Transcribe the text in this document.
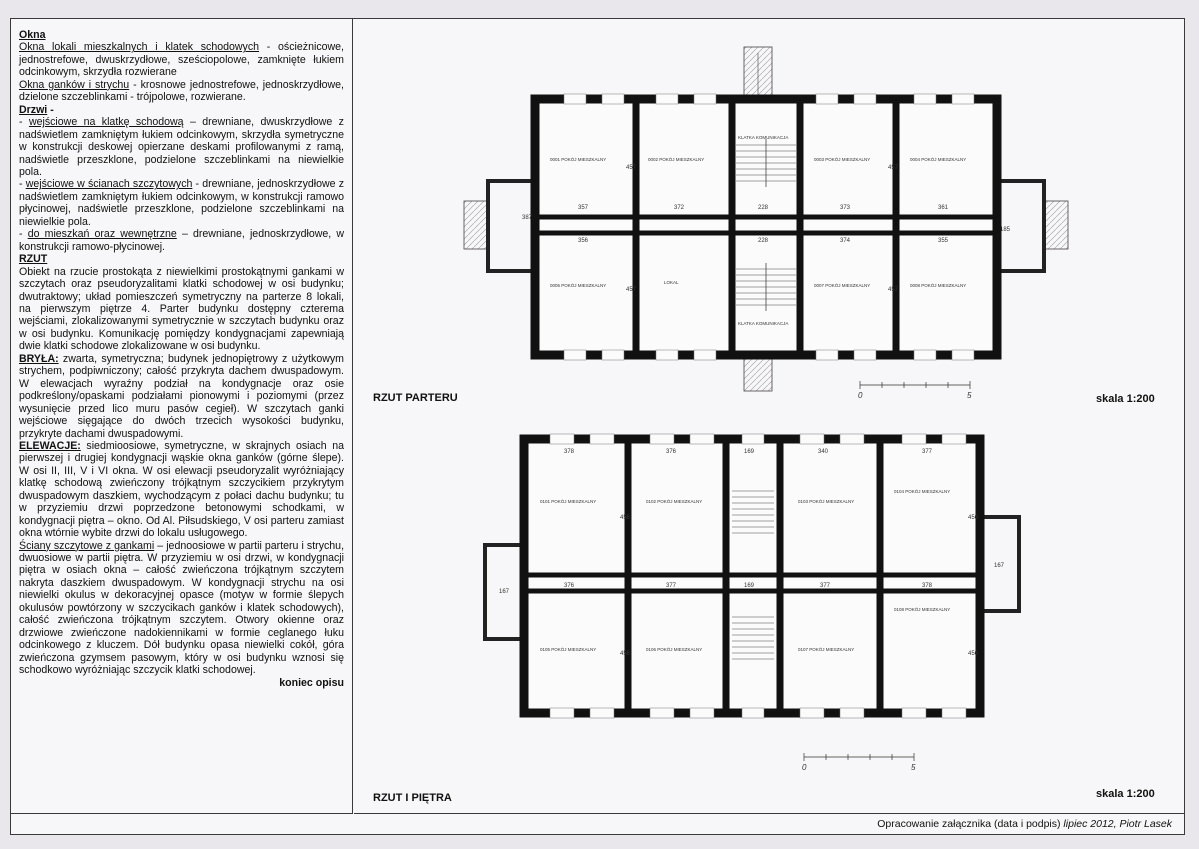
Okna

Okna lokali mieszkalnych i klatek schodowych - ościeżnicowe, jednostrefowe, dwuskrzydłowe, sześciopolowe, zamknięte łukiem odcinkowym, skrzydła rozwierane

Okna ganków i strychu - krosnowe jednostrefowe, jednoskrzydłowe, dzielone szczeblinkami - trójpolowe, rozwierane.

Drzwi -

- wejściowe na klatkę schodową – drewniane, dwuskrzydłowe z nadświetlem zamkniętym łukiem odcinkowym, skrzydła symetryczne w konstrukcji deskowej opierzane deskami profilowanymi z ramą, nadświetle przeszklone, podzielone szczeblinkami na niewielkie pola.

- wejściowe w ścianach szczytowych - drewniane, jednoskrzydłowe z nadświetlem zamkniętym łukiem odcinkowym, w konstrukcji ramowo płycinowej, nadświetle przeszklone, podzielone szczeblinkami na niewielkie pola.

- do mieszkań oraz wewnętrzne – drewniane, jednoskrzydłowe, w konstrukcji ramowo-płycinowej.

RZUT

Obiekt na rzucie prostokąta z niewielkimi prostokątnymi gankami w szczytach oraz pseudoryzalitami klatki schodowej w osi budynku; dwutraktowy; układ pomieszczeń symetryczny na parterze 8 lokali, na pierwszym piętrze 4. Parter budynku dostępny czterema wejściami, zlokalizowanymi symetrycznie w szczytach budynku oraz w osi budynku. Komunikację pomiędzy kondygnacjami zapewniają dwie klatki schodowe zlokalizowane w osi budynku.

BRYŁA: zwarta, symetryczna; budynek jednopiętrowy z użytkowym strychem, podpiwniczony; całość przykryta dachem dwuspadowym. W elewacjach wyraźny podział na kondygnacje oraz osie podkreślony/opaskami podziałami pionowymi i poziomymi (przez wysunięcie przed lico muru pasów cegieł). W szczytach ganki wejściowe sięgające do dwóch trzecich wysokości budynku, przykryte dachami dwuspadowymi.

ELEWACJE: siedmioosiowe, symetryczne, w skrajnych osiach na pierwszej i drugiej kondygnacji wąskie okna ganków (górne ślepe). W osi II, III, V i VI okna. W osi elewacji pseudoryzalit wyróżniający klatkę schodową zwieńczony trójkątnym szczycikiem przykrytym dwuspadowym daszkiem, wychodzącym z połaci dachu budynku; tu w przyziemiu drzwi poprzedzone betonowymi schodkami, w kondygnacji piętra – okno. Od Al. Piłsudskiego, V osi parteru zamiast okna wtórnie wybite drzwi do lokalu usługowego.

Ściany szczytowe z gankami – jednoosiowe w partii parteru i strychu, dwuosiowe w partii piętra. W przyziemiu w osi drzwi, w kondygnacji piętra w osiach okna – całość zwieńczona trójkątnym szczytem nakryta daszkiem dwuspadowym. W kondygnacji strychu na osi niewielki okulus w dekoracyjnej opasce (motyw w formie ślepych okulusów powtórzony w szczycikach ganków i klatek schodowych), całość zwieńczona trójkątnym szczytem. Otwory okienne oraz drzwiowe zwieńczone nadokiennikami w formie ceglanego łuku odcinkowego z kluczem. Dół budynku opasa niewielki cokół, góra zwieńczona gzymsem pasowym, który w osi budynku wznosi się schodkowo wyróżniając szczycik klatki schodowej.

koniec opisu

0001 POKÓJ MIESZKALNY	0002 POKÓJ MIESZKALNY	0003 POKÓJ MIESZKALNY	0004 POKÓJ MIESZKALNY
0005 POKÓJ MIESZKALNY
LOKAL
0007 POKÓJ MIESZKALNY	0008 POKÓJ MIESZKALNY
KLATKA KOMUNIKACJA
KLATKA KOMUNIKACJA
357	372	228	373	361
356	228	374	355
457	457
457	457
387
185
0	5
0101 POKÓJ MIESZKALNY	0102 POKÓJ MIESZKALNY	0103 POKÓJ MIESZKALNY
0104 POKÓJ MIESZKALNY
0105 POKÓJ MIESZKALNY	0106 POKÓJ MIESZKALNY	0107 POKÓJ MIESZKALNY
0108 POKÓJ MIESZKALNY
378	376	169	340	377
376	377	169	377	378
456	456
456	456
167
167
0	5
RZUT PARTERU	skala 1:200
RZUT I PIĘTRA	skala 1:200
Opracowanie załącznika (data i podpis) lipiec 2012, Piotr Lasek
